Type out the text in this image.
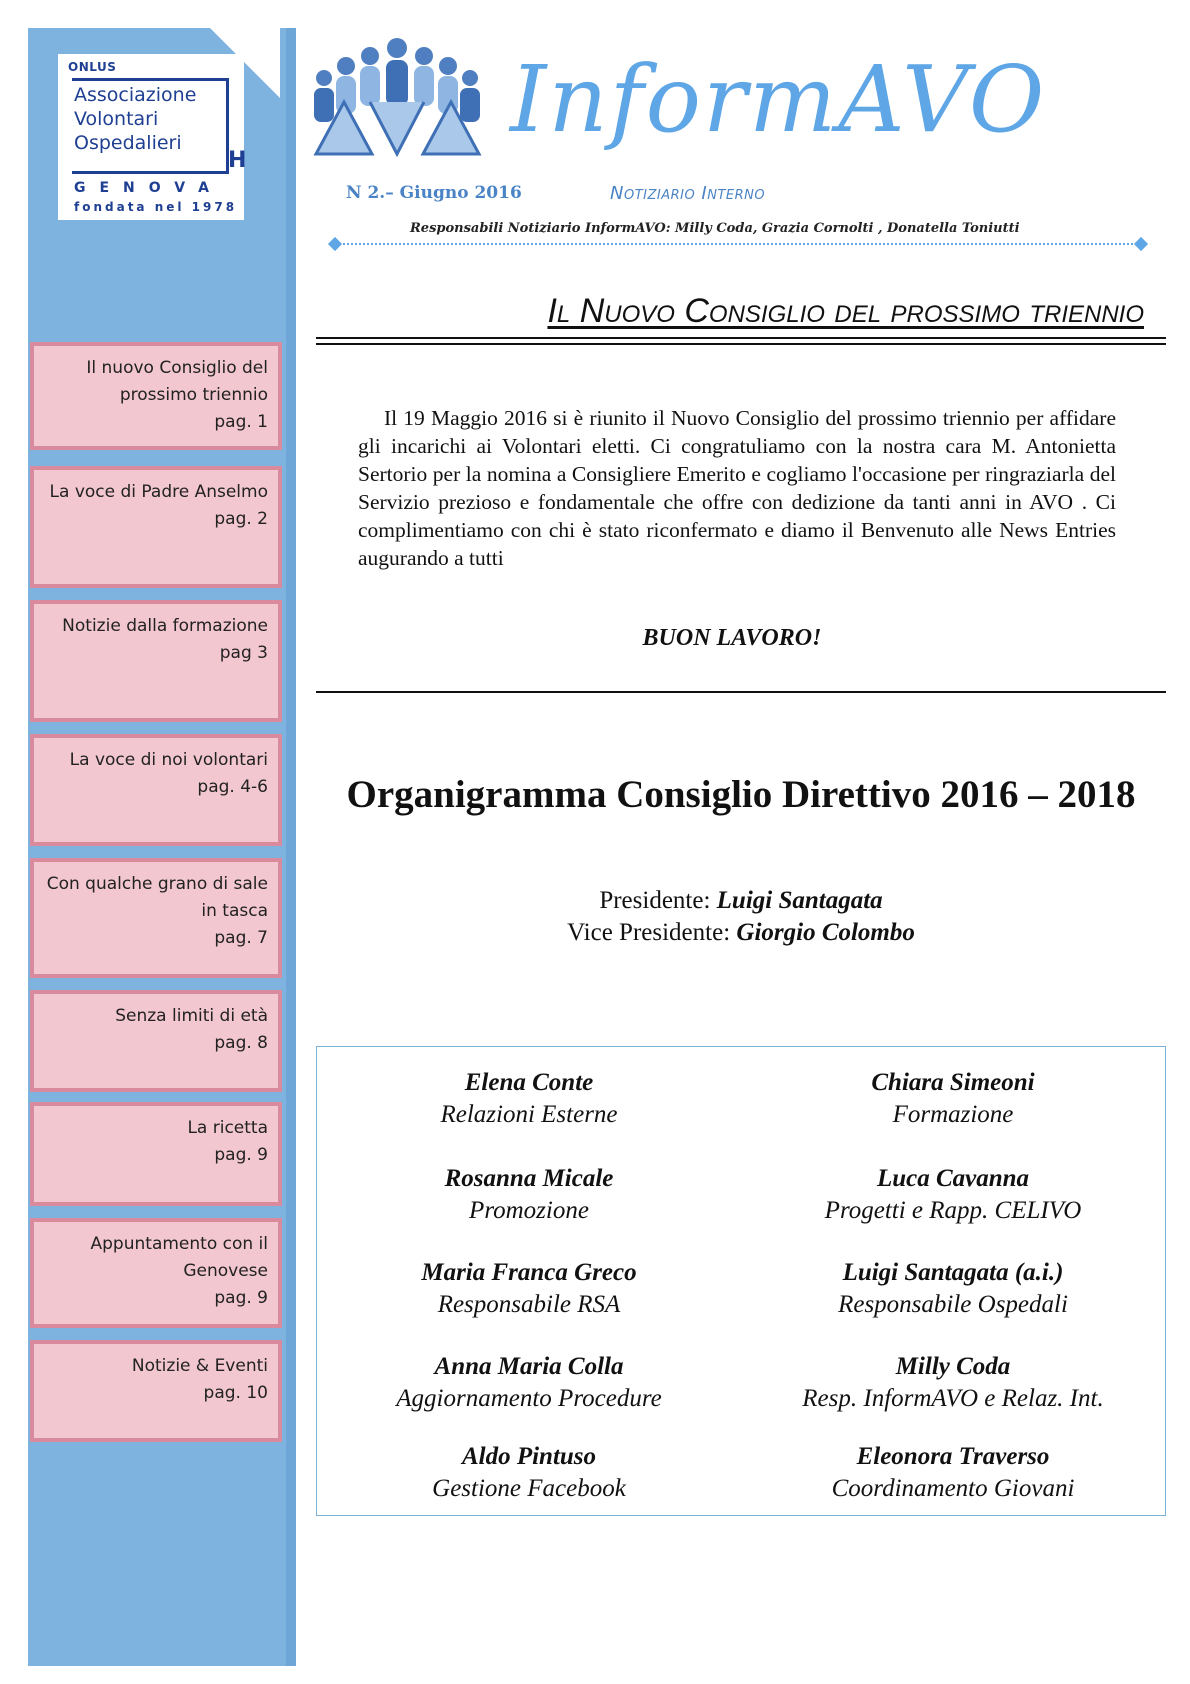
ONLUS
Associazione
Volontari
Ospedalieri
H
GENOVA
fondata nel 1978
Il nuovo Consiglio del prossimo triennio
pag. 1
La voce di Padre Anselmo
pag. 2
Notizie dalla formazione
pag 3
La voce di noi volontari
pag. 4-6
Con qualche grano di sale in tasca
pag. 7
Senza limiti di età
pag. 8
La ricetta
pag. 9
Appuntamento con il Genovese
pag. 9
Notizie & Eventi
pag. 10
InformAVO
N 2.– Giugno 2016	Notiziario Interno
Responsabili Notiziario InformAVO: Milly Coda, Grazia Cornolti , Donatella Toniutti
Il Nuovo Consiglio del prossimo triennio
Il 19 Maggio 2016 si è riunito il Nuovo Consiglio del prossimo triennio per affidare gli incarichi ai Volontari eletti. Ci congratuliamo con la nostra cara M. Antonietta Sertorio per la nomina a Consigliere Emerito e cogliamo l'occasione per ringraziarla del Servizio prezioso e fondamentale che offre con dedizione da tanti anni in AVO . Ci complimentiamo con chi è stato riconfermato e diamo il Benvenuto alle News Entries augurando a tutti
BUON LAVORO!
Organigramma Consiglio Direttivo 2016 – 2018
Presidente: Luigi Santagata
Vice Presidente: Giorgio Colombo
Elena Conte
Relazioni Esterne
Chiara Simeoni
Formazione
Rosanna Micale
Promozione
Luca Cavanna
Progetti e Rapp. CELIVO
Maria Franca Greco
Responsabile RSA
Luigi Santagata (a.i.)
Responsabile Ospedali
Anna Maria Colla
Aggiornamento Procedure
Milly Coda
Resp. InformAVO e Relaz. Int.
Aldo Pintuso
Gestione Facebook
Eleonora Traverso
Coordinamento Giovani
